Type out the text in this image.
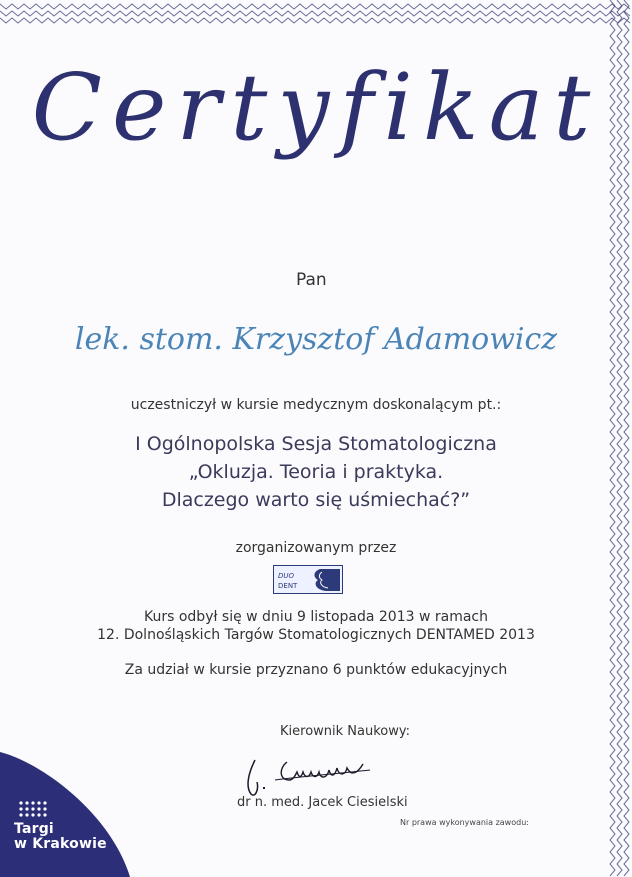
Certyfikat
Pan
lek. stom. Krzysztof Adamowicz
uczestniczył w kursie medycznym doskonalącym pt.:
I Ogólnopolska Sesja Stomatologiczna
„Okluzja. Teoria i praktyka.
Dlaczego warto się uśmiechać?”
zorganizowanym przez
DUO
DENT
Kurs odbył się w dniu 9 listopada 2013 w ramach
12. Dolnośląskich Targów Stomatologicznych DENTAMED 2013
Za udział w kursie przyznano 6 punktów edukacyjnych
Kierownik Naukowy:
dr n. med. Jacek Ciesielski
Nr prawa wykonywania zawodu:
Targi
w Krakowie
